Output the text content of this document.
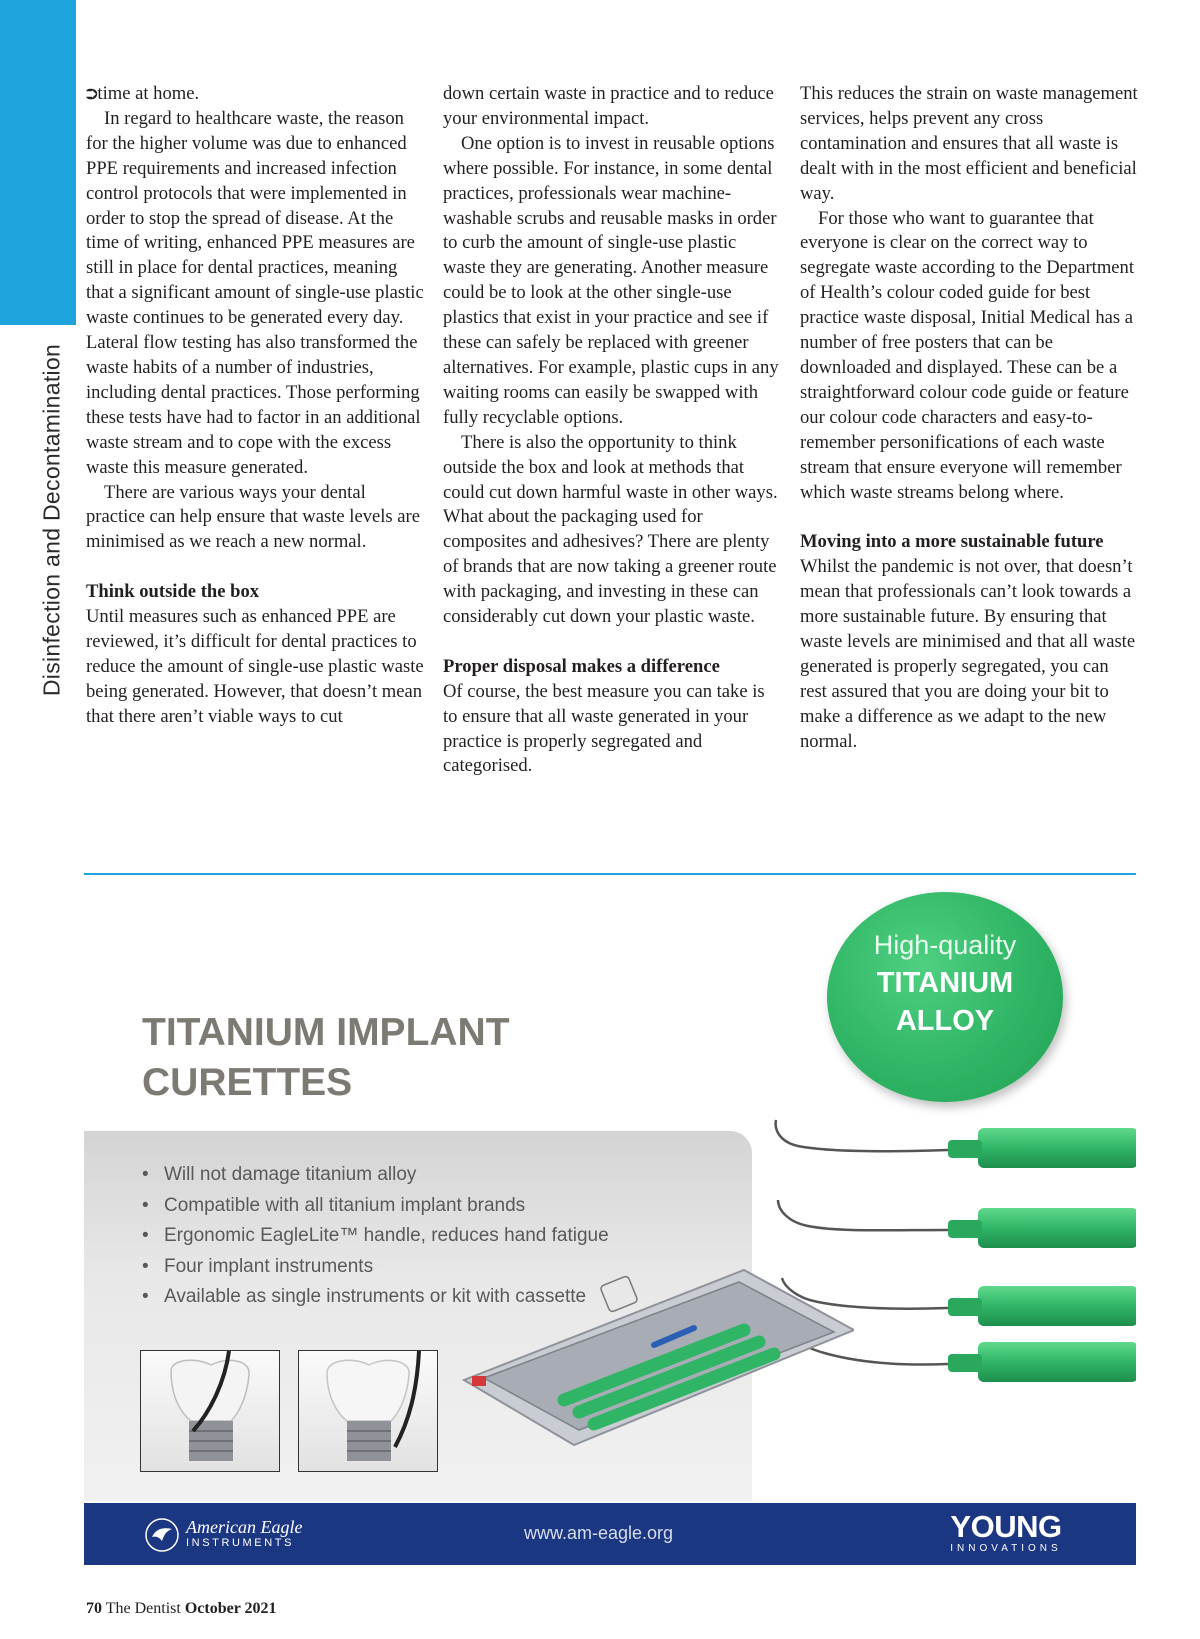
Disinfection and Decontamination

⮊time at home.

In regard to healthcare waste, the reason for the higher volume was due to enhanced PPE requirements and increased infection control protocols that were implemented in order to stop the spread of disease. At the time of writing, enhanced PPE measures are still in place for dental practices, meaning that a significant amount of single-use plastic waste continues to be generated every day. Lateral flow testing has also transformed the waste habits of a number of industries, including dental practices. Those performing these tests have had to factor in an additional waste stream and to cope with the excess waste this measure generated.

There are various ways your dental practice can help ensure that waste levels are minimised as we reach a new normal.

Think outside the box

Until measures such as enhanced PPE are reviewed, it’s difficult for dental practices to reduce the amount of single-use plastic waste being generated. However, that doesn’t mean that there aren’t viable ways to cut

down certain waste in practice and to reduce your environmental impact.

One option is to invest in reusable options where possible. For instance, in some dental practices, professionals wear machine-washable scrubs and reusable masks in order to curb the amount of single-use plastic waste they are generating. Another measure could be to look at the other single-use plastics that exist in your practice and see if these can safely be replaced with greener alternatives. For example, plastic cups in any waiting rooms can easily be swapped with fully recyclable options.

There is also the opportunity to think outside the box and look at methods that could cut down harmful waste in other ways. What about the packaging used for composites and adhesives? There are plenty of brands that are now taking a greener route with packaging, and investing in these can considerably cut down your plastic waste.

Proper disposal makes a difference

Of course, the best measure you can take is to ensure that all waste generated in your practice is properly segregated and categorised.

This reduces the strain on waste management services, helps prevent any cross contamination and ensures that all waste is dealt with in the most efficient and beneficial way.

For those who want to guarantee that everyone is clear on the correct way to segregate waste according to the Department of Health’s colour coded guide for best practice waste disposal, Initial Medical has a number of free posters that can be downloaded and displayed. These can be a straightforward colour code guide or feature our colour code characters and easy-to-remember personifications of each waste stream that ensure everyone will remember which waste streams belong where.

Moving into a more sustainable future

Whilst the pandemic is not over, that doesn’t mean that professionals can’t look towards a more sustainable future. By ensuring that waste levels are minimised and that all waste generated is properly segregated, you can rest assured that you are doing your bit to make a difference as we adapt to the new normal.

TITANIUM IMPLANT
CURETTES
High-quality
TITANIUM
ALLOY
• Will not damage titanium alloy
• Compatible with all titanium implant brands
• Ergonomic EagleLite™ handle, reduces hand fatigue
• Four implant instruments
• Available as single instruments or kit with cassette
American Eagle
INSTRUMENTS	www.am-eagle.org	YOUNG
INNOVATIONS
70 The Dentist October 2021
